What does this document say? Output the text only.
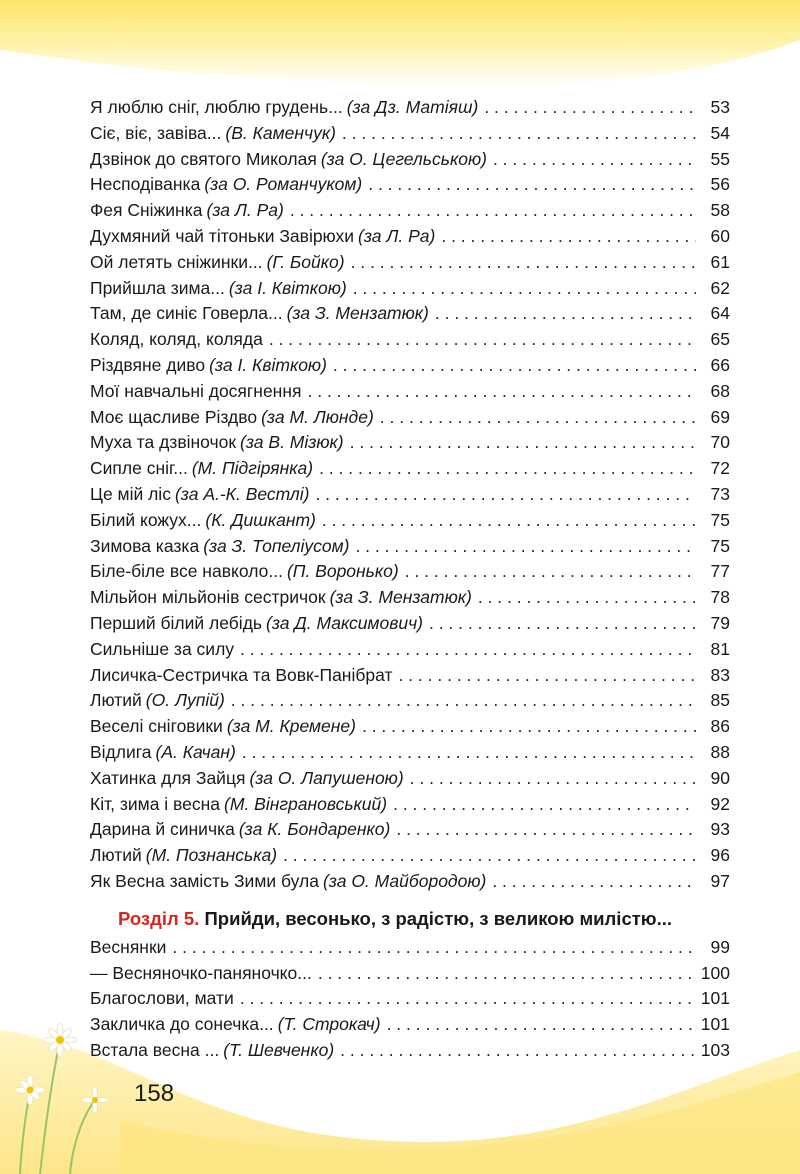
Я люблю сніг, люблю грудень... (за Дз. Матіяш) . . .	53
Сіє, віє, завіва... (В. Каменчук) . . .	54
Дзвінок до святого Миколая (за О. Цегельською) . . .	55
Несподіванка (за О. Романчуком) . . .	56
Фея Сніжинка (за Л. Ра) . . .	58
Духмяний чай тітоньки Завірюхи (за Л. Ра) . . .	60
Ой летять сніжинки... (Г. Бойко) . . .	61
Прийшла зима... (за І. Квіткою) . . .	62
Там, де синіє Говерла... (за З. Мензатюк) . . .	64
Коляд, коляд, коляда . . .	65
Різдвяне диво (за І. Квіткою) . . .	66
Мої навчальні досягнення . . .	68
Моє щасливе Різдво (за М. Люнде) . . .	69
Муха та дзвіночок (за В. Мізюк) . . .	70
Сипле сніг... (М. Підгірянка) . . .	72
Це мій ліс (за А.-К. Вестлі) . . .	73
Білий кожух... (К. Дишкант) . . .	75
Зимова казка (за З. Топеліусом) . . .	75
Біле-біле все навколо... (П. Воронько) . . .	77
Мільйон мільйонів сестричок (за З. Мензатюк) . . .	78
Перший білий лебідь (за Д. Максимович) . . .	79
Сильніше за силу . . .	81
Лисичка-Сестричка та Вовк-Панібрат . . .	83
Лютий (О. Лупій) . . .	85
Веселі сніговики (за М. Кремене) . . .	86
Відлига (А. Качан) . . .	88
Хатинка для Зайця (за О. Лапушеною) . . .	90
Кіт, зима і весна (М. Вінграновський) . . .	92
Дарина й синичка (за К. Бондаренко) . . .	93
Лютий (М. Познанська) . . .	96
Як Весна замість Зими була (за О. Майбородою) . . .	97
Розділ 5. Прийди, весонько, з радістю, з великою милістю...
Веснянки . . .	99
— Весняночко-паняночко... . . .	100
Благослови, мати . . .	101
Закличка до сонечка... (Т. Строкач) . . .	101
Встала весна ... (Т. Шевченко) . . .	103
158
